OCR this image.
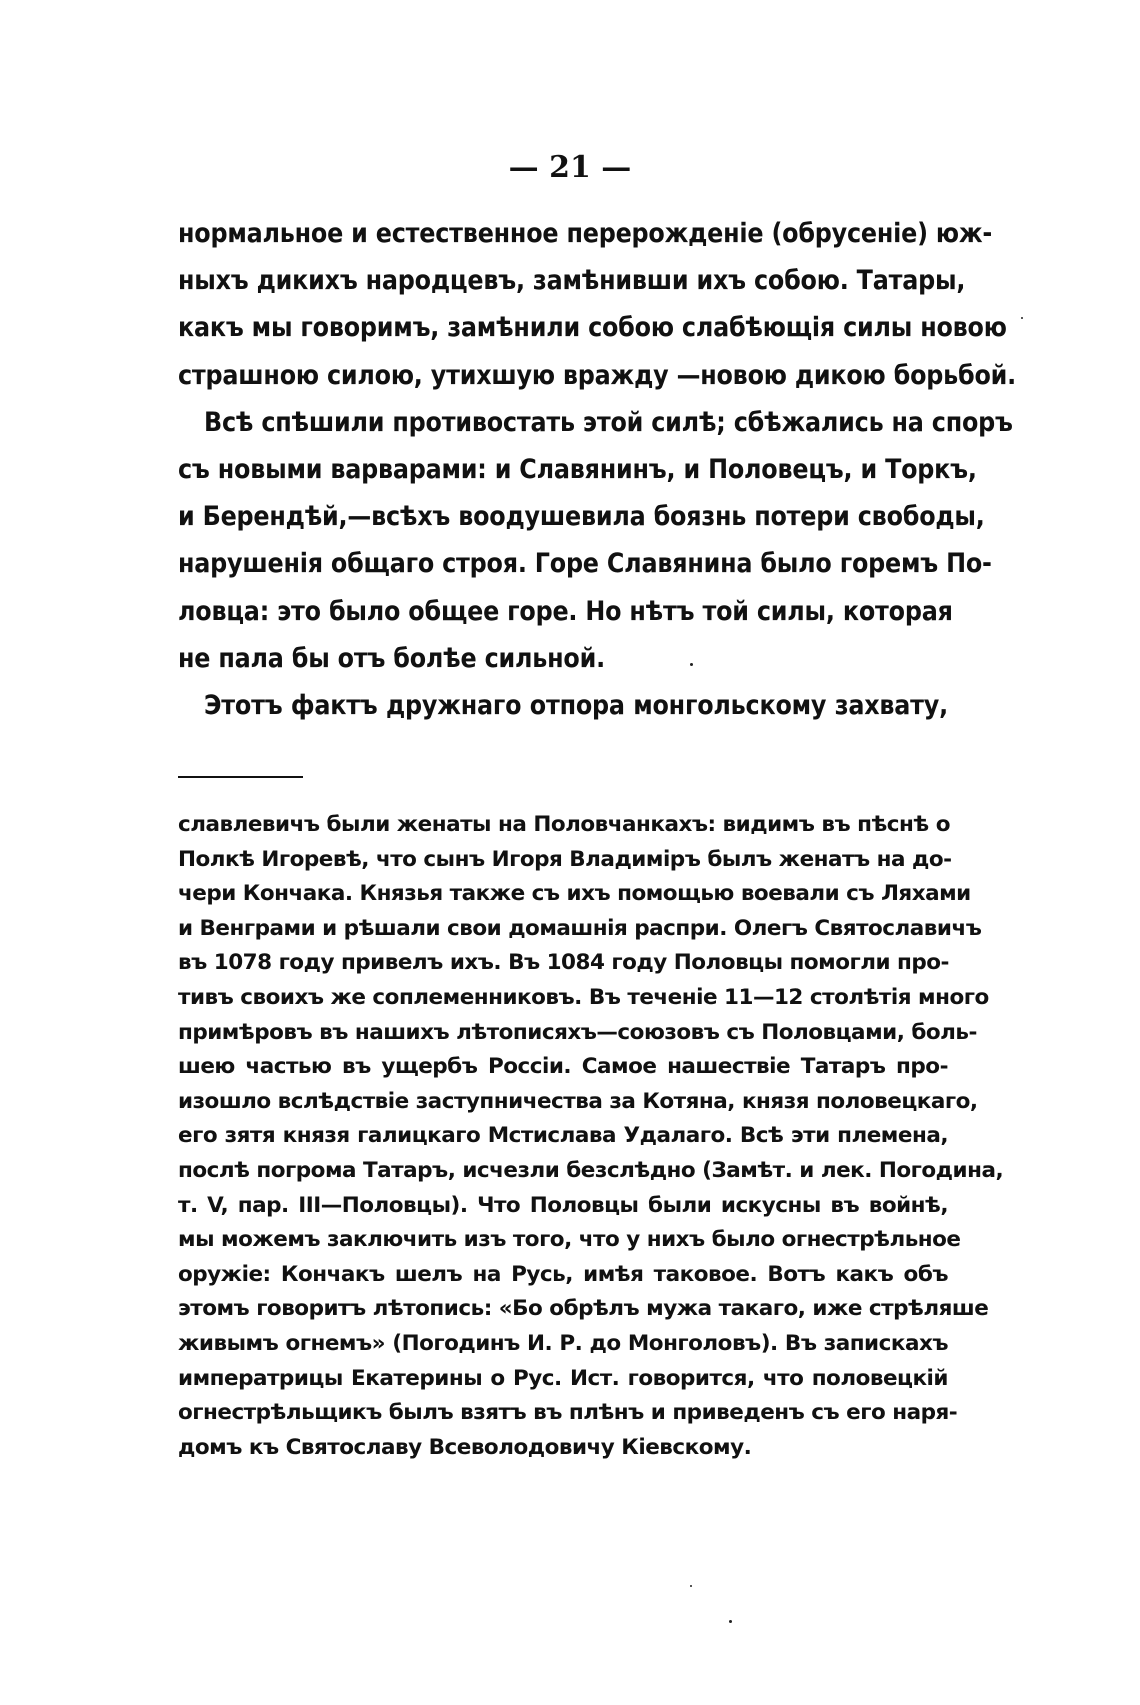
— 21 —

нормальное и естественное перерожденіе (обрусеніе) юж-
ныхъ дикихъ народцевъ, замѣнивши ихъ собою. Татары,
какъ мы говоримъ, замѣнили собою слабѣющія силы новою
страшною силою, утихшую вражду —новою дикою борьбой.

Всѣ спѣшили противостать этой силѣ; сбѣжались на споръ
съ новыми варварами: и Славянинъ, и Половецъ, и Торкъ,
и Берендѣй,—всѣхъ воодушевила боязнь потери свободы,
нарушенія общаго строя. Горе Славянина было горемъ По-
ловца: это было общее горе. Но нѣтъ той силы, которая
не пала бы отъ болѣе сильной.

Этотъ фактъ дружнаго отпора монгольскому захвату,

славлевичъ были женаты на Половчанкахъ: видимъ въ пѣснѣ о
Полкѣ Игоревѣ, что сынъ Игоря Владиміръ былъ женатъ на до-
чери Кончака. Князья также съ ихъ помощью воевали съ Ляхами
и Венграми и рѣшали свои домашнія распри. Олегъ Святославичъ
въ 1078 году привелъ ихъ. Въ 1084 году Половцы помогли про-
тивъ своихъ же соплеменниковъ. Въ теченіе 11—12 столѣтія много
примѣровъ въ нашихъ лѣтописяхъ—союзовъ съ Половцами, боль-
шею частью въ ущербъ Россіи. Самое нашествіе Татаръ про-
изошло вслѣдствіе заступничества за Котяна, князя половецкаго,
его зятя князя галицкаго Мстислава Удалаго. Всѣ эти племена,
послѣ погрома Татаръ, исчезли безслѣдно (Замѣт. и лек. Погодина,
т. V, пар. III—Половцы). Что Половцы были искусны въ войнѣ,
мы можемъ заключить изъ того, что у нихъ было огнестрѣльное
оружіе: Кончакъ шелъ на Русь, имѣя таковое. Вотъ какъ объ
этомъ говоритъ лѣтопись: «Бо обрѣлъ мужа такаго, иже стрѣляше
живымъ огнемъ» (Погодинъ И. Р. до Монголовъ). Въ запискахъ
императрицы Екатерины о Рус. Ист. говорится, что половецкій
огнестрѣльщикъ былъ взятъ въ плѣнъ и приведенъ съ его наря-
домъ къ Святославу Всеволодовичу Кіевскому.
